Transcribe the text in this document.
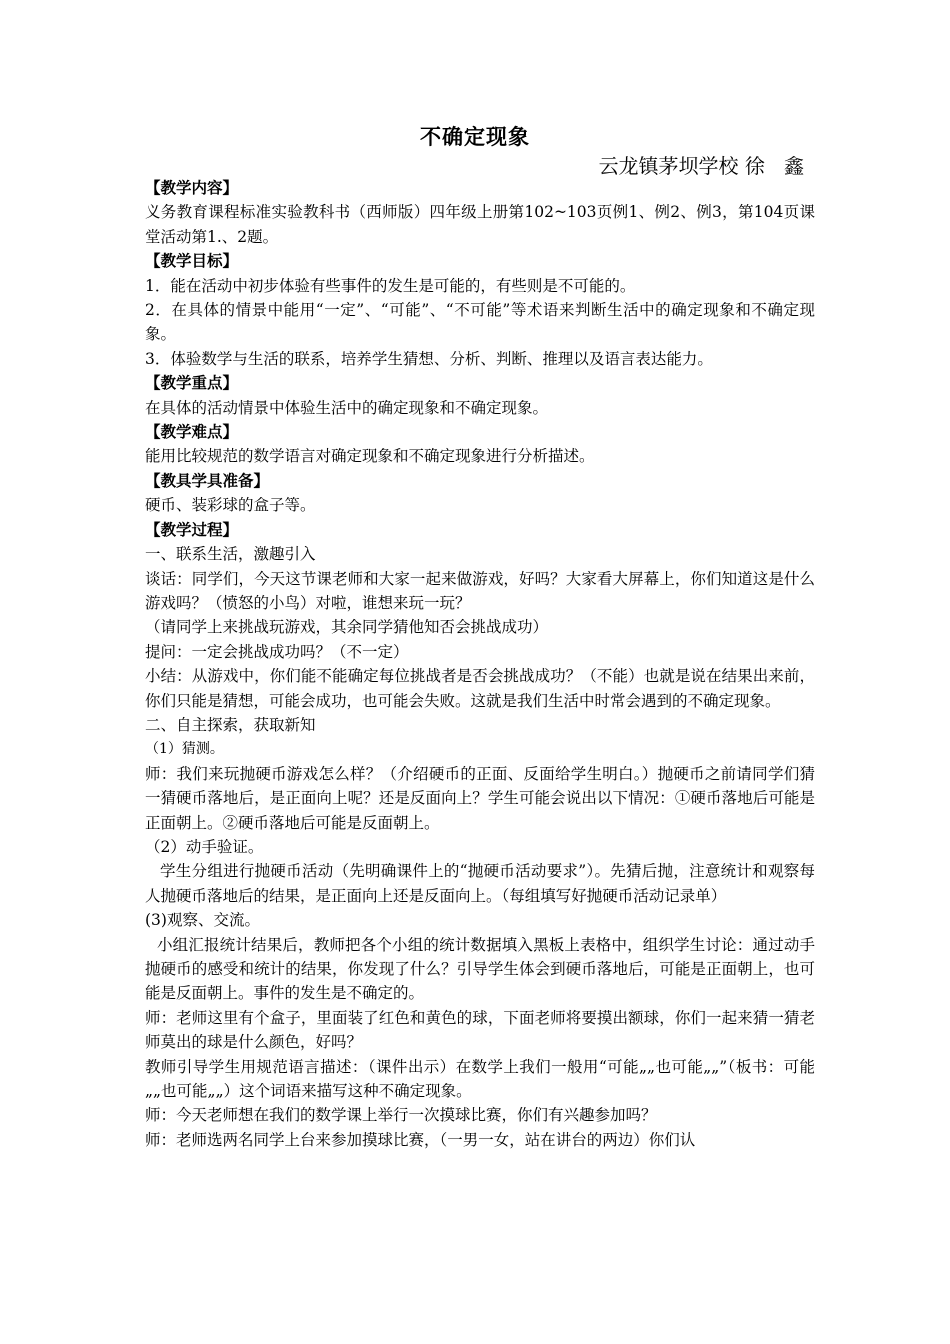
不确定现象
云龙镇茅坝学校 徐   鑫

【教学内容】

义务教育课程标准实验教科书（西师版）四年级上册第102~103页例1、例2、例3，第104页课堂活动第1.、2题。

【教学目标】

1．能在活动中初步体验有些事件的发生是可能的，有些则是不可能的。

2．在具体的情景中能用“一定”、“可能”、“不可能”等术语来判断生活中的确定现象和不确定现象。

3．体验数学与生活的联系，培养学生猜想、分析、判断、推理以及语言表达能力。

【教学重点】

在具体的活动情景中体验生活中的确定现象和不确定现象。

【教学难点】

能用比较规范的数学语言对确定现象和不确定现象进行分析描述。

【教具学具准备】

硬币、装彩球的盒子等。

【教学过程】

一、联系生活，激趣引入

谈话：同学们，今天这节课老师和大家一起来做游戏，好吗？大家看大屏幕上，你们知道这是什么游戏吗？（愤怒的小鸟）对啦，谁想来玩一玩？

（请同学上来挑战玩游戏，其余同学猜他知否会挑战成功）

提问：一定会挑战成功吗？（不一定）

小结：从游戏中，你们能不能确定每位挑战者是否会挑战成功？（不能）也就是说在结果出来前，你们只能是猜想，可能会成功，也可能会失败。这就是我们生活中时常会遇到的不确定现象。

二、自主探索，获取新知

（1）猜测。

师：我们来玩抛硬币游戏怎么样？（介绍硬币的正面、反面给学生明白。）抛硬币之前请同学们猜一猜硬币落地后，是正面向上呢？还是反面向上？学生可能会说出以下情况：①硬币落地后可能是正面朝上。②硬币落地后可能是反面朝上。

（2）动手验证。

学生分组进行抛硬币活动（先明确课件上的“抛硬币活动要求”）。先猜后抛，注意统计和观察每人抛硬币落地后的结果，是正面向上还是反面向上。（每组填写好抛硬币活动记录单）

(3)观察、交流。

小组汇报统计结果后，教师把各个小组的统计数据填入黑板上表格中，组织学生讨论：通过动手抛硬币的感受和统计的结果，你发现了什么？引导学生体会到硬币落地后，可能是正面朝上，也可能是反面朝上。事件的发生是不确定的。

师：老师这里有个盒子，里面装了红色和黄色的球，下面老师将要摸出额球，你们一起来猜一猜老师莫出的球是什么颜色，好吗？

教师引导学生用规范语言描述：（课件出示）在数学上我们一般用“可能„„也可能„„”（板书：可能„„也可能„„）这个词语来描写这种不确定现象。

师：今天老师想在我们的数学课上举行一次摸球比赛，你们有兴趣参加吗？

师：老师选两名同学上台来参加摸球比赛，（一男一女，站在讲台的两边）你们认
